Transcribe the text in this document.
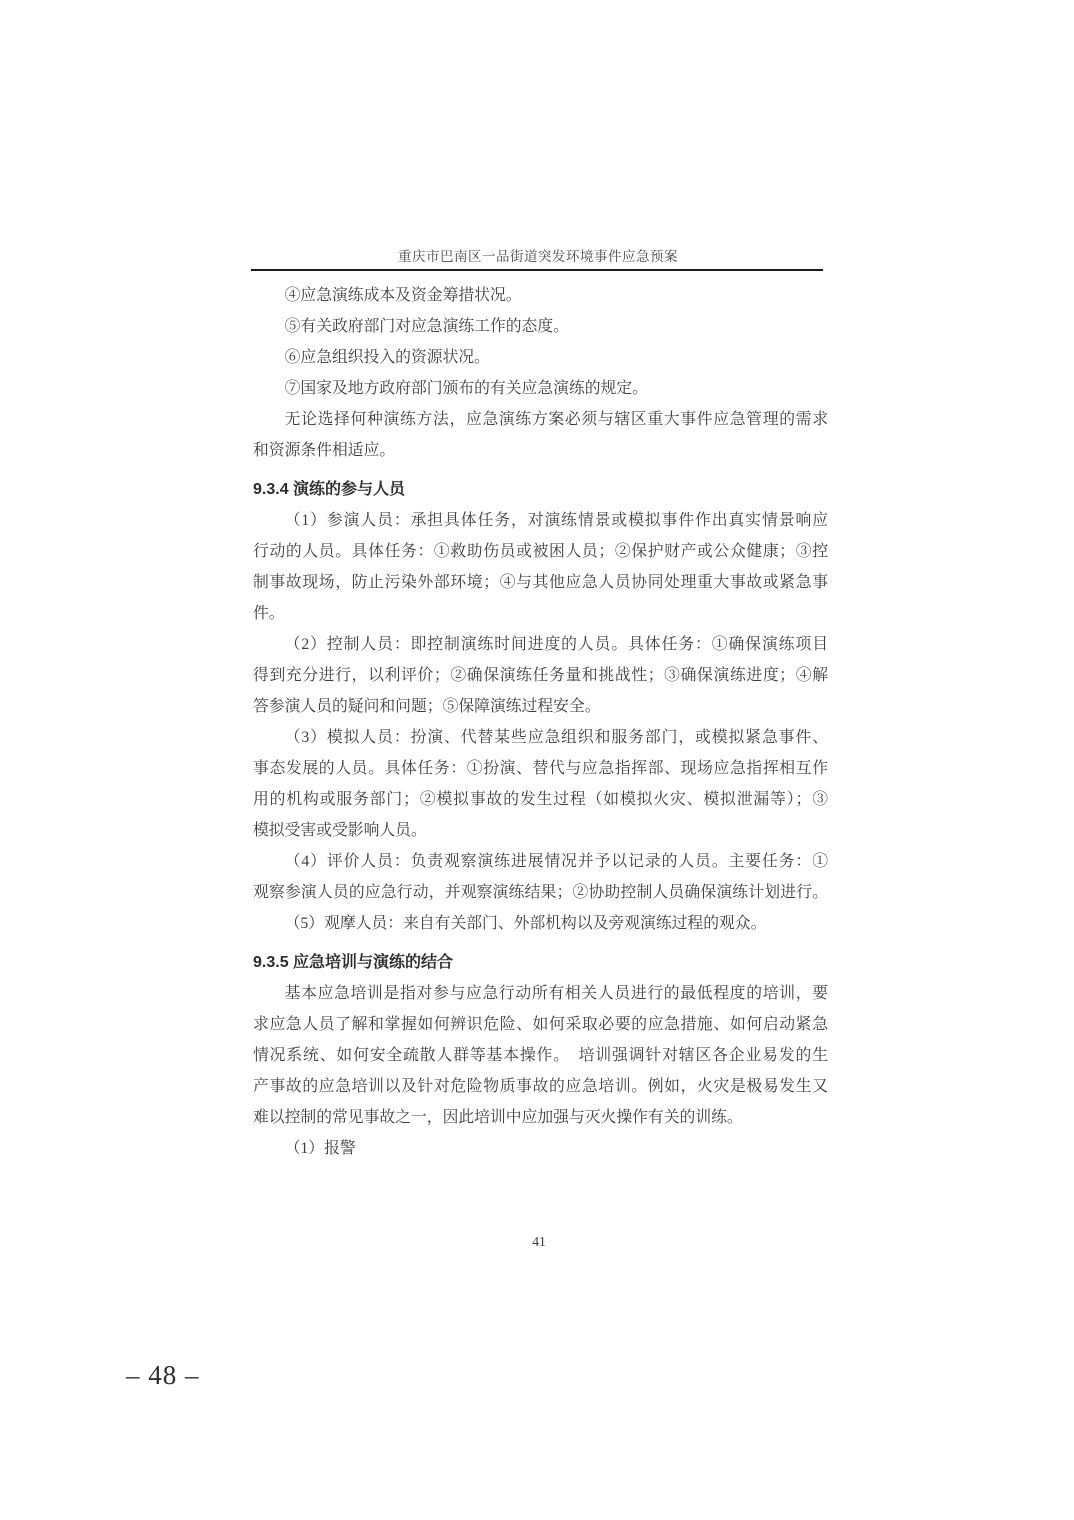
重庆市巴南区一品街道突发环境事件应急预案
④应急演练成本及资金筹措状况。
⑤有关政府部门对应急演练工作的态度。
⑥应急组织投入的资源状况。
⑦国家及地方政府部门颁布的有关应急演练的规定。
无论选择何种演练方法，应急演练方案必须与辖区重大事件应急管理的需求
和资源条件相适应。
9.3.4 演练的参与人员
（1）参演人员：承担具体任务，对演练情景或模拟事件作出真实情景响应
行动的人员。具体任务：①救助伤员或被困人员；②保护财产或公众健康；③控
制事故现场，防止污染外部环境；④与其他应急人员协同处理重大事故或紧急事
件。
（2）控制人员：即控制演练时间进度的人员。具体任务：①确保演练项目
得到充分进行，以利评价；②确保演练任务量和挑战性；③确保演练进度；④解
答参演人员的疑问和问题；⑤保障演练过程安全。
（3）模拟人员：扮演、代替某些应急组织和服务部门，或模拟紧急事件、
事态发展的人员。具体任务：①扮演、替代与应急指挥部、现场应急指挥相互作
用的机构或服务部门；②模拟事故的发生过程（如模拟火灾、模拟泄漏等）；③
模拟受害或受影响人员。
（4）评价人员：负责观察演练进展情况并予以记录的人员。主要任务：①
观察参演人员的应急行动，并观察演练结果；②协助控制人员确保演练计划进行。
（5）观摩人员：来自有关部门、外部机构以及旁观演练过程的观众。
9.3.5 应急培训与演练的结合
基本应急培训是指对参与应急行动所有相关人员进行的最低程度的培训，要
求应急人员了解和掌握如何辨识危险、如何采取必要的应急措施、如何启动紧急
情况系统、如何安全疏散人群等基本操作。　培训强调针对辖区各企业易发的生
产事故的应急培训以及针对危险物质事故的应急培训。例如，火灾是极易发生又
难以控制的常见事故之一，因此培训中应加强与灭火操作有关的训练。
（1）报警
41
– 48 –
